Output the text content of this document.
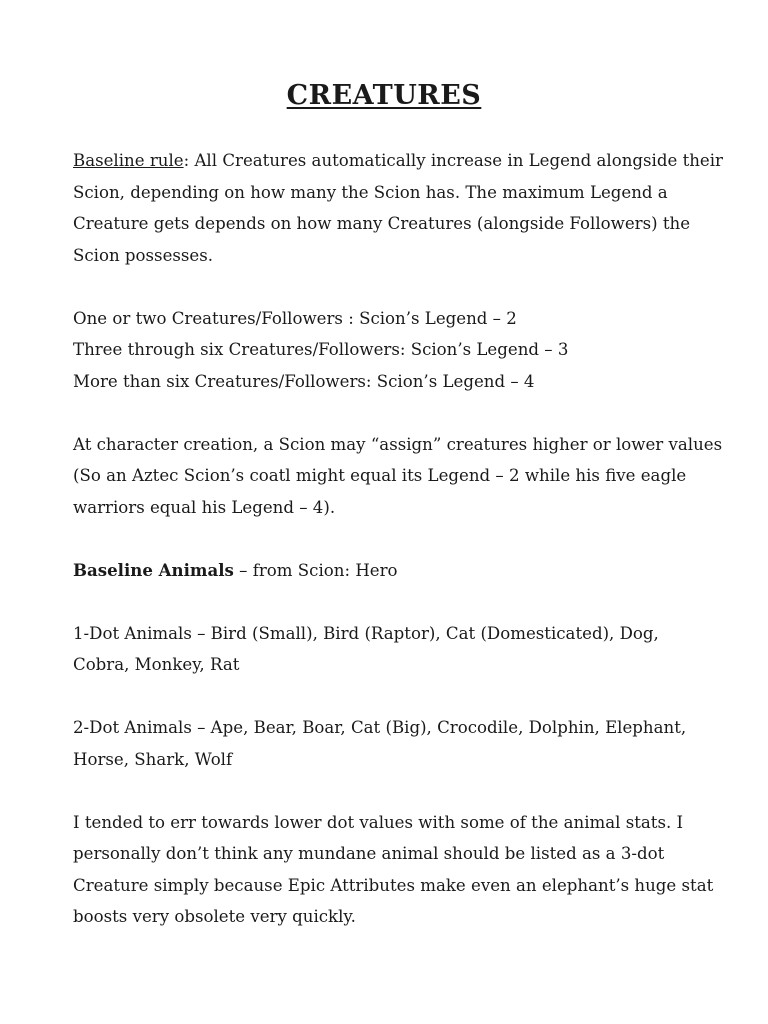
CREATURES
Baseline rule: All Creatures automatically increase in Legend alongside their
Scion, depending on how many the Scion has. The maximum Legend a
Creature gets depends on how many Creatures (alongside Followers) the
Scion possesses.
One or two Creatures/Followers : Scion’s Legend – 2
Three through six Creatures/Followers: Scion’s Legend – 3
More than six Creatures/Followers: Scion’s Legend – 4
At character creation, a Scion may “assign” creatures higher or lower values
(So an Aztec Scion’s coatl might equal its Legend – 2 while his five eagle
warriors equal his Legend – 4).
Baseline Animals – from Scion: Hero
1-Dot Animals – Bird (Small), Bird (Raptor), Cat (Domesticated), Dog,
Cobra, Monkey, Rat
2-Dot Animals – Ape, Bear, Boar, Cat (Big), Crocodile, Dolphin, Elephant,
Horse, Shark, Wolf
I tended to err towards lower dot values with some of the animal stats. I
personally don’t think any mundane animal should be listed as a 3-dot
Creature simply because Epic Attributes make even an elephant’s huge stat
boosts very obsolete very quickly.
